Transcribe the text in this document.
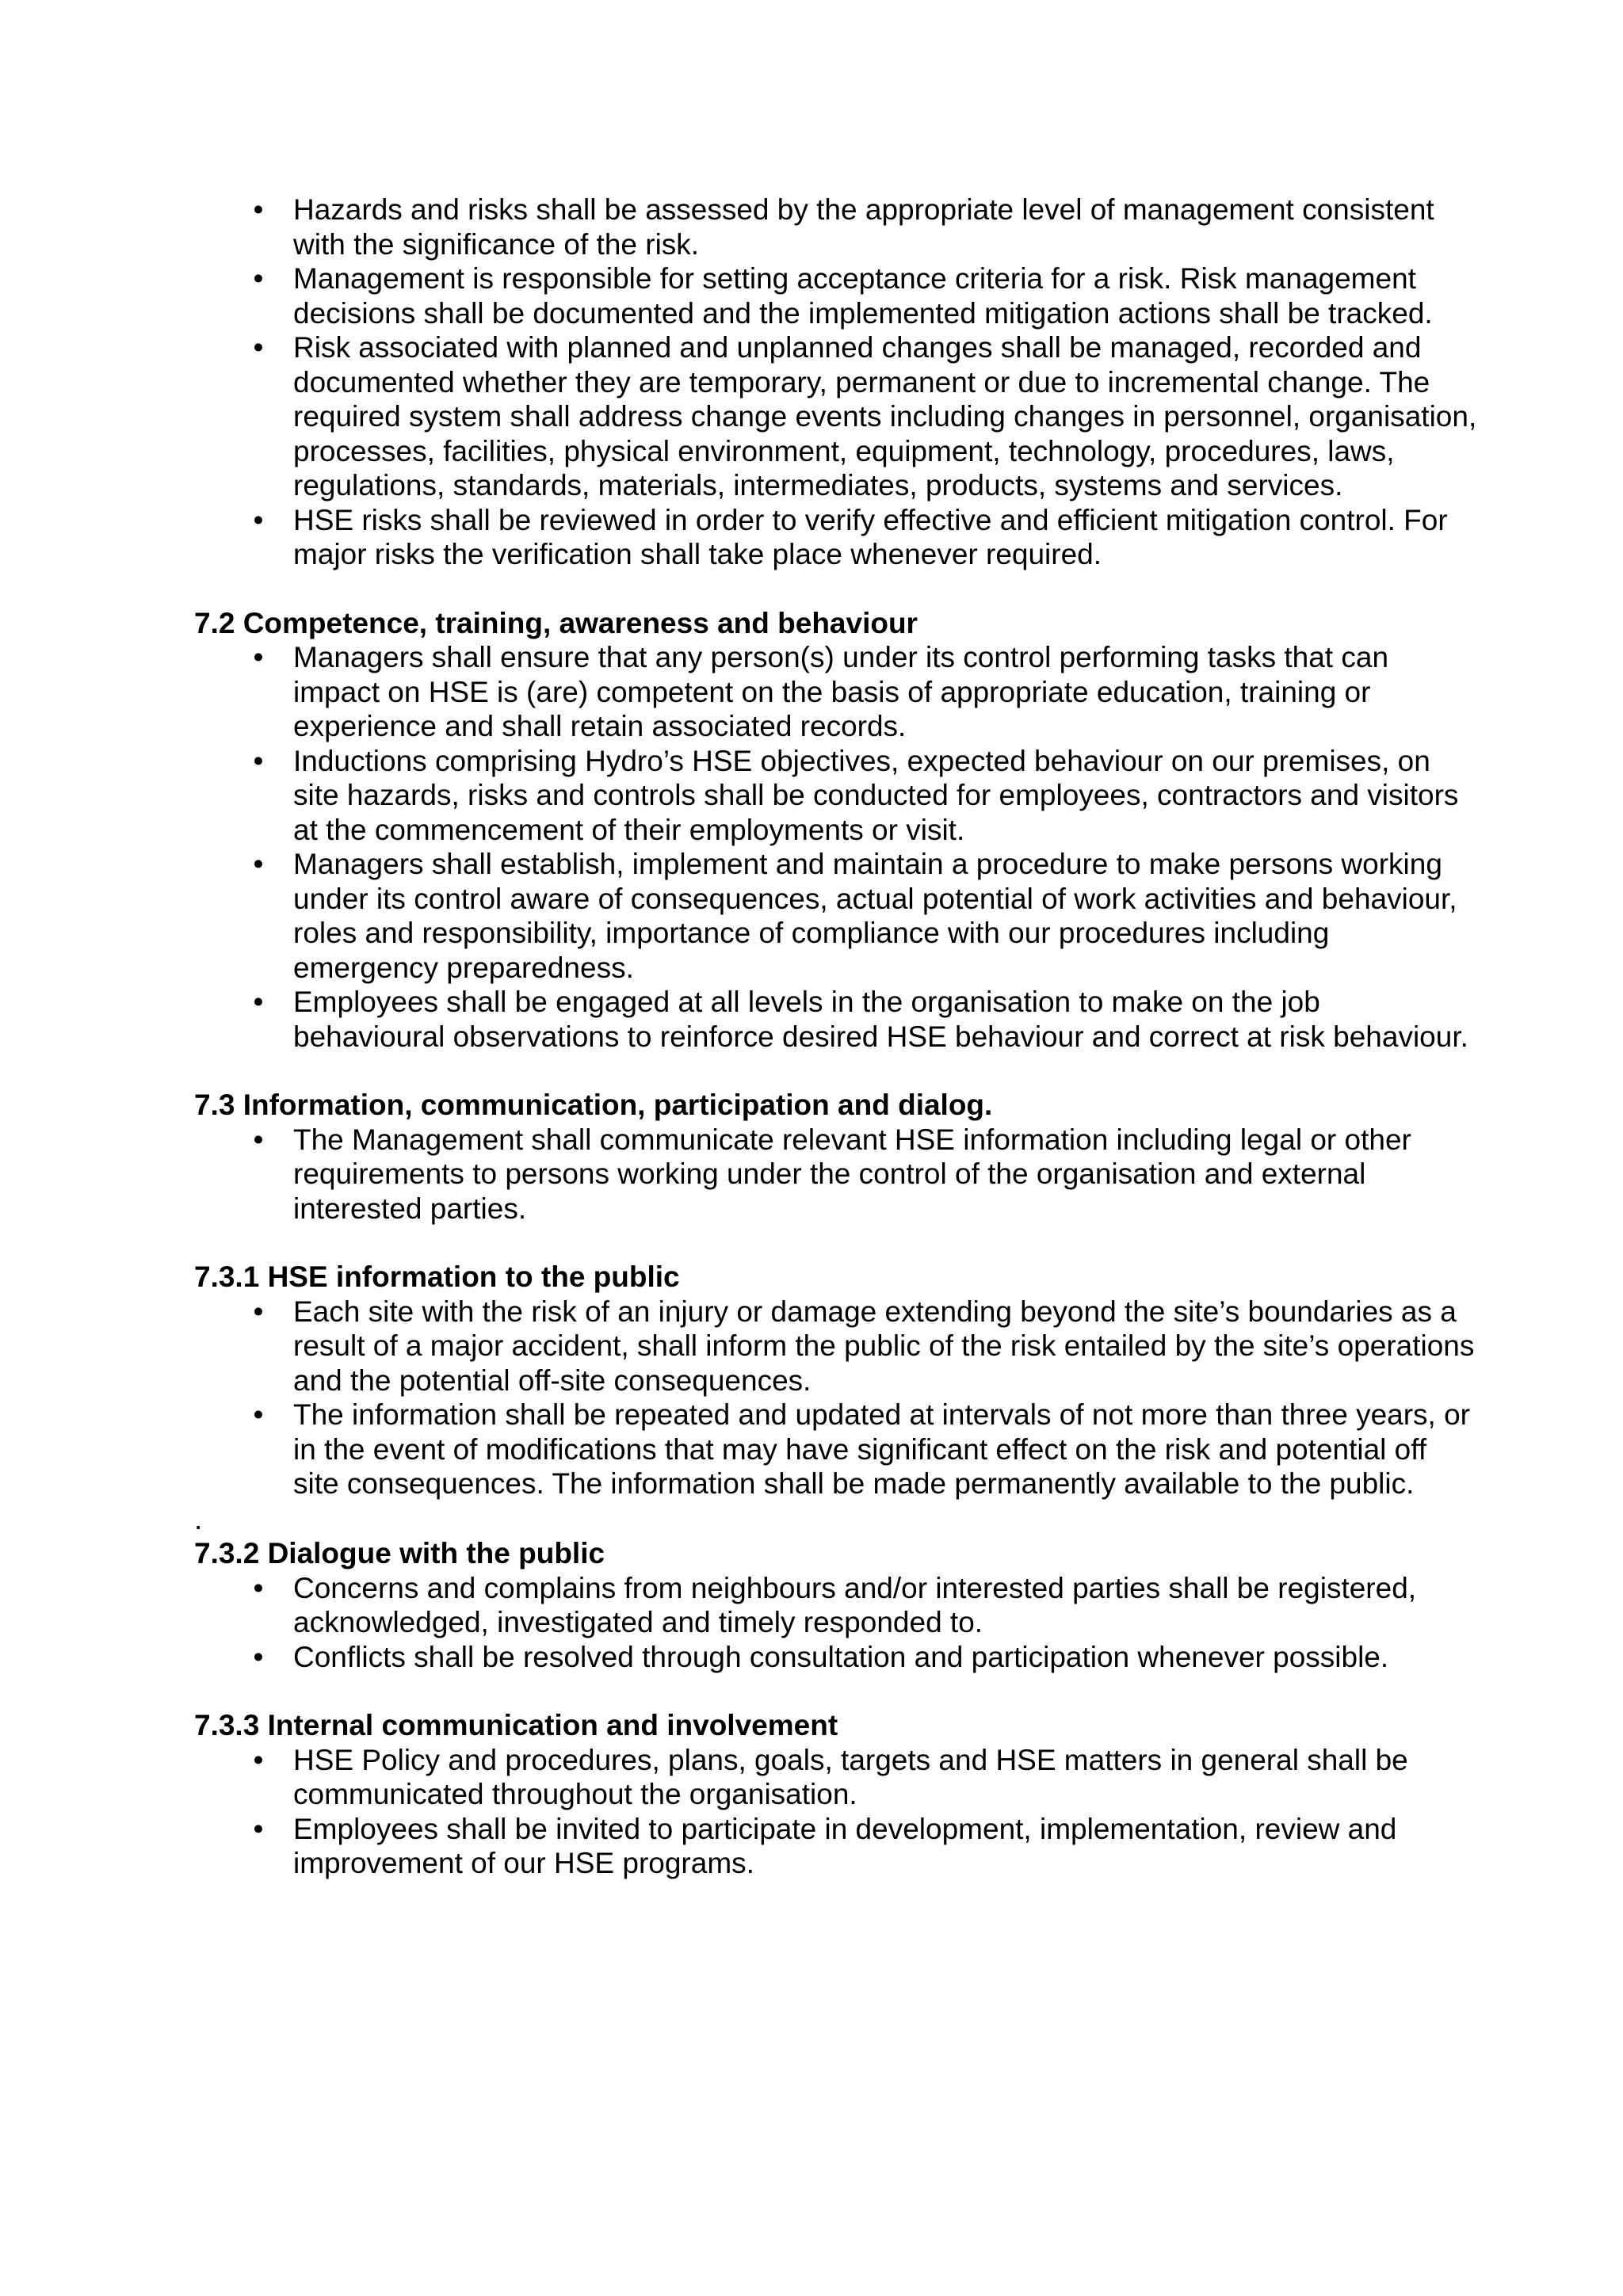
• Hazards and risks shall be assessed by the appropriate level of management consistent with the significance of the risk.
• Management is responsible for setting acceptance criteria for a risk. Risk management decisions shall be documented and the implemented mitigation actions shall be tracked.
• Risk associated with planned and unplanned changes shall be managed, recorded and documented whether they are temporary, permanent or due to incremental change. The required system shall address change events including changes in personnel, organisation, processes, facilities, physical environment, equipment, technology, procedures, laws, regulations, standards, materials, intermediates, products, systems and services.
• HSE risks shall be reviewed in order to verify effective and efficient mitigation control. For major risks the verification shall take place whenever required.

7.2 Competence, training, awareness and behaviour

• Managers shall ensure that any person(s) under its control performing tasks that can impact on HSE is (are) competent on the basis of appropriate education, training or experience and shall retain associated records.
• Inductions comprising Hydro’s HSE objectives, expected behaviour on our premises, on site hazards, risks and controls shall be conducted for employees, contractors and visitors at the commencement of their employments or visit.
• Managers shall establish, implement and maintain a procedure to make persons working under its control aware of consequences, actual potential of work activities and behaviour, roles and responsibility, importance of compliance with our procedures including emergency preparedness.
• Employees shall be engaged at all levels in the organisation to make on the job behavioural observations to reinforce desired HSE behaviour and correct at risk behaviour.

7.3 Information, communication, participation and dialog.

• The Management shall communicate relevant HSE information including legal or other requirements to persons working under the control of the organisation and external interested parties.

7.3.1 HSE information to the public

• Each site with the risk of an injury or damage extending beyond the site’s boundaries as a result of a major accident, shall inform the public of the risk entailed by the site’s operations and the potential off-site consequences.
• The information shall be repeated and updated at intervals of not more than three years, or in the event of modifications that may have significant effect on the risk and potential off site consequences. The information shall be made permanently available to the public.
.

7.3.2 Dialogue with the public

• Concerns and complains from neighbours and/or interested parties shall be registered, acknowledged, investigated and timely responded to.
• Conflicts shall be resolved through consultation and participation whenever possible.

7.3.3 Internal communication and involvement

• HSE Policy and procedures, plans, goals, targets and HSE matters in general shall be communicated throughout the organisation.
• Employees shall be invited to participate in development, implementation, review and improvement of our HSE programs.
